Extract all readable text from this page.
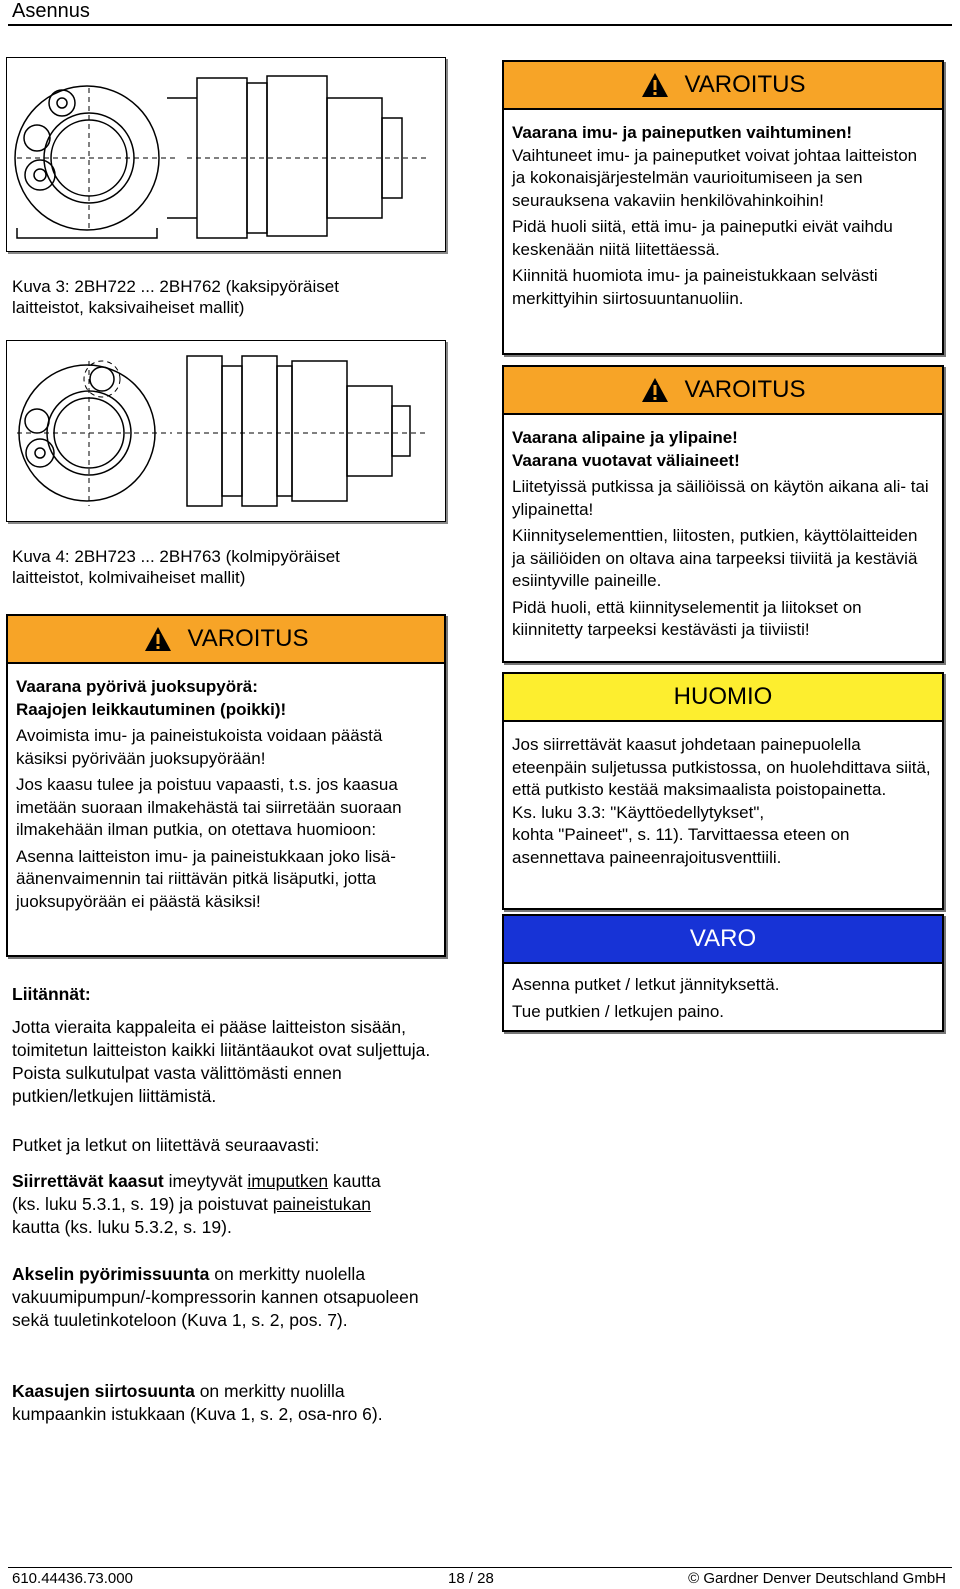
Asennus
Kuva 3: 2BH722 ... 2BH762 (kaksipyöräiset laitteistot, kaksivaiheiset mallit)
Kuva 4: 2BH723 ... 2BH763 (kolmipyöräiset laitteistot, kolmivaiheiset mallit)
VAROITUS
Vaarana pyörivä juoksupyörä:

Raajojen leikkautuminen (poikki)!

Avoimista imu- ja paineistukoista voidaan päästä käsiksi pyörivään juoksupyörään!

Jos kaasu tulee ja poistuu vapaasti, t.s. jos kaasua imetään suoraan ilmakehästä tai siirretään suoraan ilmakehään ilman putkia, on otettava huomioon:

Asenna laitteiston imu- ja paineistukkaan joko lisä-äänenvaimennin tai riittävän pitkä lisäputki, jotta juoksupyörään ei päästä käsiksi!

Liitännät:
Jotta vieraita kappaleita ei pääse laitteiston sisään, toimitetun laitteiston kaikki liitäntäaukot ovat suljettuja. Poista sulkutulpat vasta välittömästi ennen putkien/letkujen liittämistä.
Putket ja letkut on liitettävä seuraavasti:
Siirrettävät kaasut imeytyvät imuputken kautta (ks. luku 5.3.1, s. 19) ja poistuvat paineistukan kautta (ks. luku 5.3.2, s. 19).
Akselin pyörimissuunta on merkitty nuolella vakuumipumpun/-kompressorin kannen otsapuoleen sekä tuuletinkoteloon (Kuva 1, s. 2, pos. 7).
Kaasujen siirtosuunta on merkitty nuolilla kumpaankin istukkaan (Kuva 1, s. 2, osa-nro 6).
VAROITUS
Vaarana imu- ja paineputken vaihtuminen!

Vaihtuneet imu- ja paineputket voivat johtaa laitteiston ja kokonaisjärjestelmän vaurioitumiseen ja sen seurauksena vakaviin henkilövahinkoihin!

Pidä huoli siitä, että imu- ja paineputki eivät vaihdu keskenään niitä liitettäessä.

Kiinnitä huomiota imu- ja paineistukkaan selvästi merkittyihin siirtosuuntanuoliin.

VAROITUS
Vaarana alipaine ja ylipaine!
Vaarana vuotavat väliaineet!

Liitetyissä putkissa ja säiliöissä on käytön aikana ali- tai ylipainetta!

Kiinnityselementtien, liitosten, putkien, käyttölaitteiden ja säiliöiden on oltava aina tarpeeksi tiiviitä ja kestäviä esiintyville paineille.

Pidä huoli, että kiinnityselementit ja liitokset on kiinnitetty tarpeeksi kestävästi ja tiiviisti!

HUOMIO
Jos siirrettävät kaasut johdetaan painepuolella eteenpäin suljetussa putkistossa, on huolehdittava siitä, että putkisto kestää maksimaalista poistopainetta.
Ks. luku 3.3: "Käyttöedellytykset",
kohta "Paineet", s. 11). Tarvittaessa eteen on asennettava paineenrajoitusventtiili.
VARO

Asenna putket / letkut jännityksettä.

Tue putkien / letkujen paino.

610.44436.73.000	18 / 28	© Gardner Denver Deutschland GmbH
